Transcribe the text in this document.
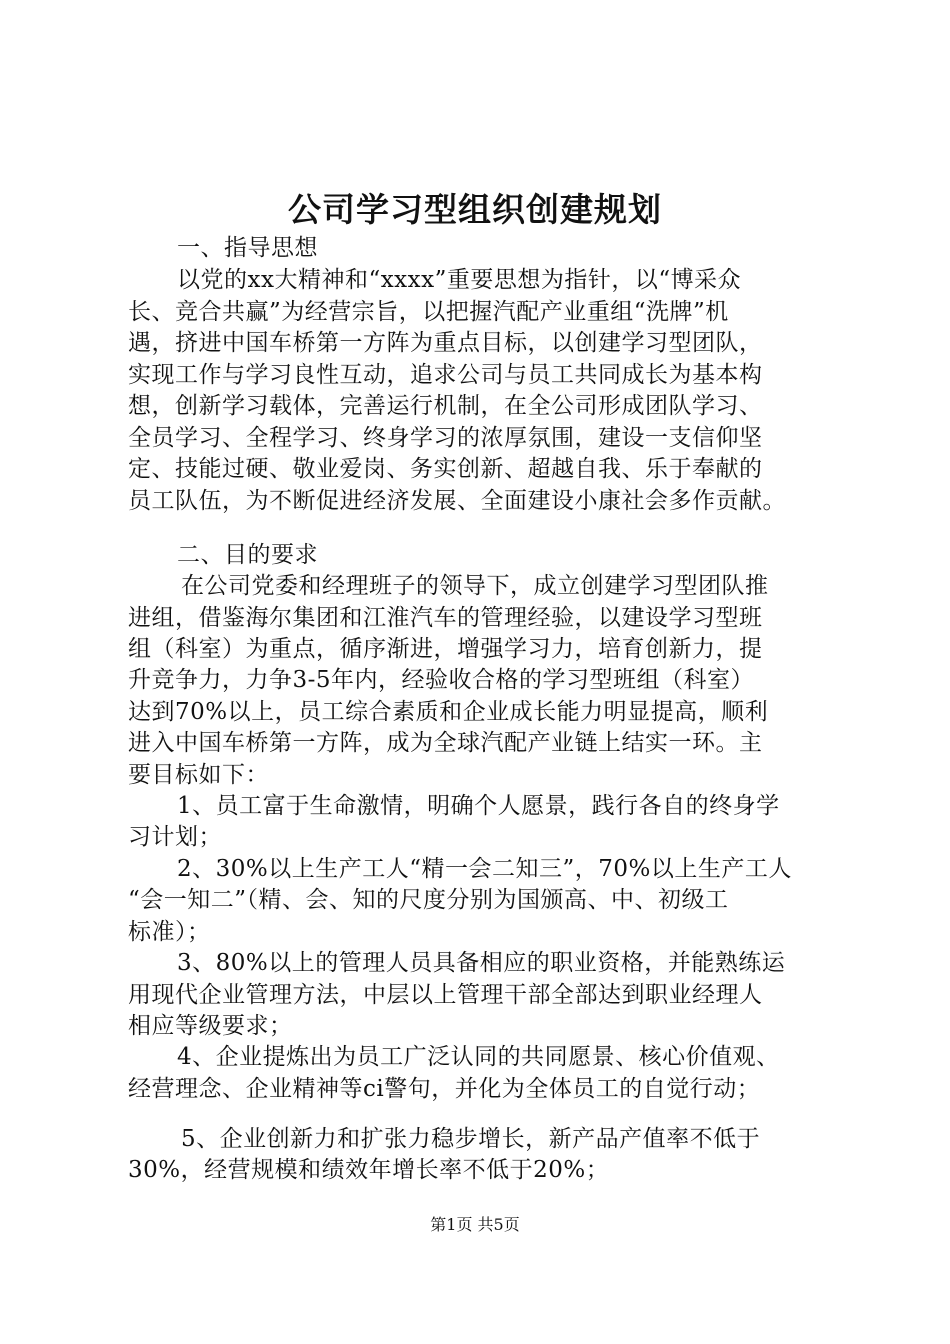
公司学习型组织创建规划
一、指导思想
以党的xx大精神和“xxxx”重要思想为指针，以“博采众
长、竞合共赢”为经营宗旨，以把握汽配产业重组“洗牌”机
遇，挤进中国车桥第一方阵为重点目标，以创建学习型团队，
实现工作与学习良性互动，追求公司与员工共同成长为基本构
想，创新学习载体，完善运行机制，在全公司形成团队学习、
全员学习、全程学习、终身学习的浓厚氛围，建设一支信仰坚
定、技能过硬、敬业爱岗、务实创新、超越自我、乐于奉献的
员工队伍，为不断促进经济发展、全面建设小康社会多作贡献。
二、目的要求
在公司党委和经理班子的领导下，成立创建学习型团队推
进组，借鉴海尔集团和江淮汽车的管理经验，以建设学习型班
组（科室）为重点，循序渐进，增强学习力，培育创新力，提
升竞争力，力争3-5年内，经验收合格的学习型班组（科室）
达到70%以上，员工综合素质和企业成长能力明显提高，顺利
进入中国车桥第一方阵，成为全球汽配产业链上结实一环。主
要目标如下：
1、员工富于生命激情，明确个人愿景，践行各自的终身学
习计划；
2、30%以上生产工人“精一会二知三”，70%以上生产工人
“会一知二”（精、会、知的尺度分别为国颁高、中、初级工
标准）；
3、80%以上的管理人员具备相应的职业资格，并能熟练运
用现代企业管理方法，中层以上管理干部全部达到职业经理人
相应等级要求；
4、企业提炼出为员工广泛认同的共同愿景、核心价值观、
经营理念、企业精神等ci警句，并化为全体员工的自觉行动；
5、企业创新力和扩张力稳步增长，新产品产值率不低于
30%，经营规模和绩效年增长率不低于20%；
第1页 共5页
